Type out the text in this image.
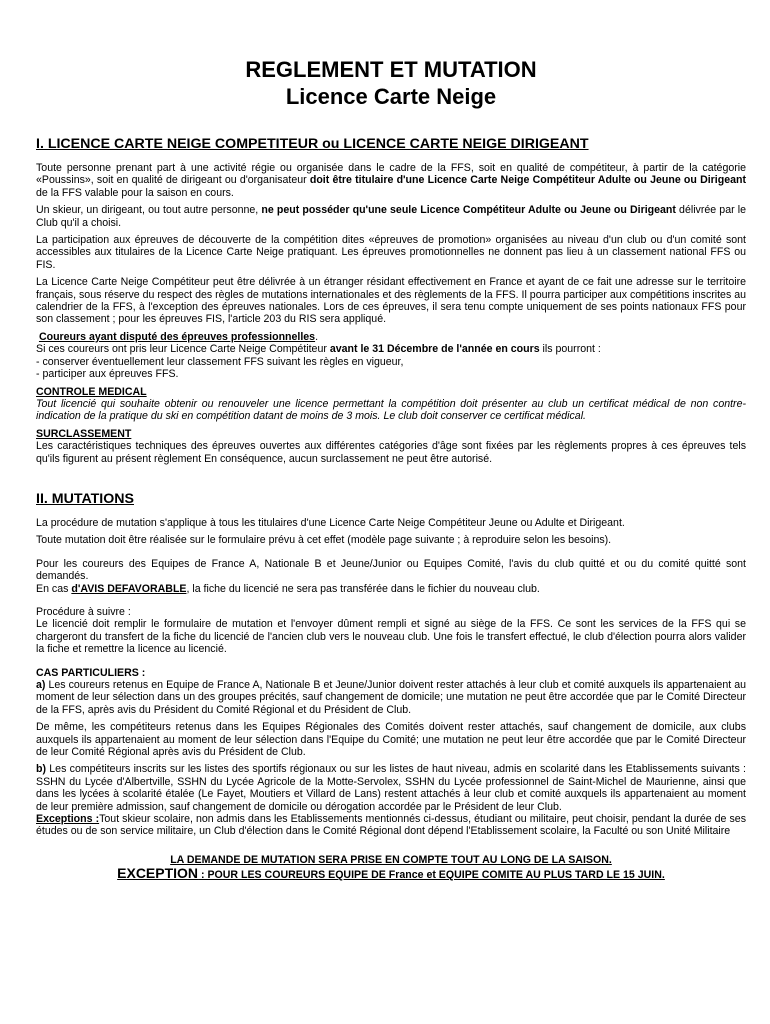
REGLEMENT ET MUTATION
Licence Carte Neige
I. LICENCE CARTE NEIGE COMPETITEUR ou LICENCE CARTE NEIGE DIRIGEANT

Toute personne prenant part à une activité régie ou organisée dans le cadre de la FFS, soit en qualité de compétiteur, à partir de la catégorie «Poussins», soit en qualité de dirigeant ou d'organisateur doit être titulaire d'une Licence Carte Neige Compétiteur Adulte ou Jeune ou Dirigeant de la FFS valable pour la saison en cours.

Un skieur, un dirigeant, ou tout autre personne, ne peut posséder qu'une seule Licence Compétiteur Adulte ou Jeune ou Dirigeant délivrée par le Club qu'il a choisi.

La participation aux épreuves de découverte de la compétition dites «épreuves de promotion» organisées au niveau d'un club ou d'un comité sont accessibles aux titulaires de la Licence Carte Neige pratiquant. Les épreuves promotionnelles ne donnent pas lieu à un classement national FFS ou FIS.

La Licence Carte Neige Compétiteur peut être délivrée à un étranger résidant effectivement en France et ayant de ce fait une adresse sur le territoire français, sous réserve du respect des règles de mutations internationales et des règlements de la FFS. Il pourra participer aux compétitions inscrites au calendrier de la FFS, à l'exception des épreuves nationales. Lors de ces épreuves, il sera tenu compte uniquement de ses points nationaux FFS pour son classement ; pour les épreuves FIS, l'article 203 du RIS sera appliqué.

Coureurs ayant disputé des épreuves professionnelles.

Si ces coureurs ont pris leur Licence Carte Neige Compétiteur avant le 31 Décembre de l'année en cours ils pourront :

- conserver éventuellement leur classement FFS suivant les règles en vigueur,

- participer aux épreuves FFS.

CONTROLE MEDICAL

Tout licencié qui souhaite obtenir ou renouveler une licence permettant la compétition doit présenter au club un certificat médical de non contre-indication de la pratique du ski en compétition datant de moins de 3 mois. Le club doit conserver ce certificat médical.

SURCLASSEMENT

Les caractéristiques techniques des épreuves ouvertes aux différentes catégories d'âge sont fixées par les règlements propres à ces épreuves tels qu'ils figurent au présent règlement En conséquence, aucun surclassement ne peut être autorisé.

II. MUTATIONS

La procédure de mutation s'applique à tous les titulaires d'une Licence Carte Neige Compétiteur Jeune ou Adulte et Dirigeant.

Toute mutation doit être réalisée sur le formulaire prévu à cet effet (modèle page suivante ; à reproduire selon les besoins).

Pour les coureurs des Equipes de France A, Nationale B et Jeune/Junior ou Equipes Comité, l'avis du club quitté et ou du comité quitté sont demandés.

En cas d'AVIS DEFAVORABLE, la fiche du licencié ne sera pas transférée dans le fichier du nouveau club.

Procédure à suivre :

Le licencié doit remplir le formulaire de mutation et l'envoyer dûment rempli et signé au siège de la FFS. Ce sont les services de la FFS qui se chargeront du transfert de la fiche du licencié de l'ancien club vers le nouveau club. Une fois le transfert effectué, le club d'élection pourra alors valider la fiche et remettre la licence au licencié.

CAS PARTICULIERS :

a) Les coureurs retenus en Equipe de France A, Nationale B et Jeune/Junior doivent rester attachés à leur club et comité auxquels ils appartenaient au moment de leur sélection dans un des groupes précités, sauf changement de domicile; une mutation ne peut être accordée que par le Comité Directeur de la FFS, après avis du Président du Comité Régional et du Président de Club.

De même, les compétiteurs retenus dans les Equipes Régionales des Comités doivent rester attachés, sauf changement de domicile, aux clubs auxquels ils appartenaient au moment de leur sélection dans l'Equipe du Comité; une mutation ne peut leur être accordée que par le Comité Directeur de leur Comité Régional après avis du Président de Club.

b) Les compétiteurs inscrits sur les listes des sportifs régionaux ou sur les listes de haut niveau, admis en scolarité dans les Etablissements suivants : SSHN du Lycée d'Albertville, SSHN du Lycée Agricole de la Motte-Servolex, SSHN du Lycée professionnel de Saint-Michel de Maurienne, ainsi que dans les lycées à scolarité étalée (Le Fayet, Moutiers et Villard de Lans) restent attachés à leur club et comité auxquels ils appartenaient au moment de leur première admission, sauf changement de domicile ou dérogation accordée par le Président de leur Club.

Exceptions :Tout skieur scolaire, non admis dans les Etablissements mentionnés ci-dessus, étudiant ou militaire, peut choisir, pendant la durée de ses études ou de son service militaire, un Club d'élection dans le Comité Régional dont dépend l'Etablissement scolaire, la Faculté ou son Unité Militaire

LA DEMANDE DE MUTATION SERA PRISE EN COMPTE TOUT AU LONG DE LA SAISON.
EXCEPTION : POUR LES COUREURS EQUIPE DE France et EQUIPE COMITE AU PLUS TARD LE 15 JUIN.
